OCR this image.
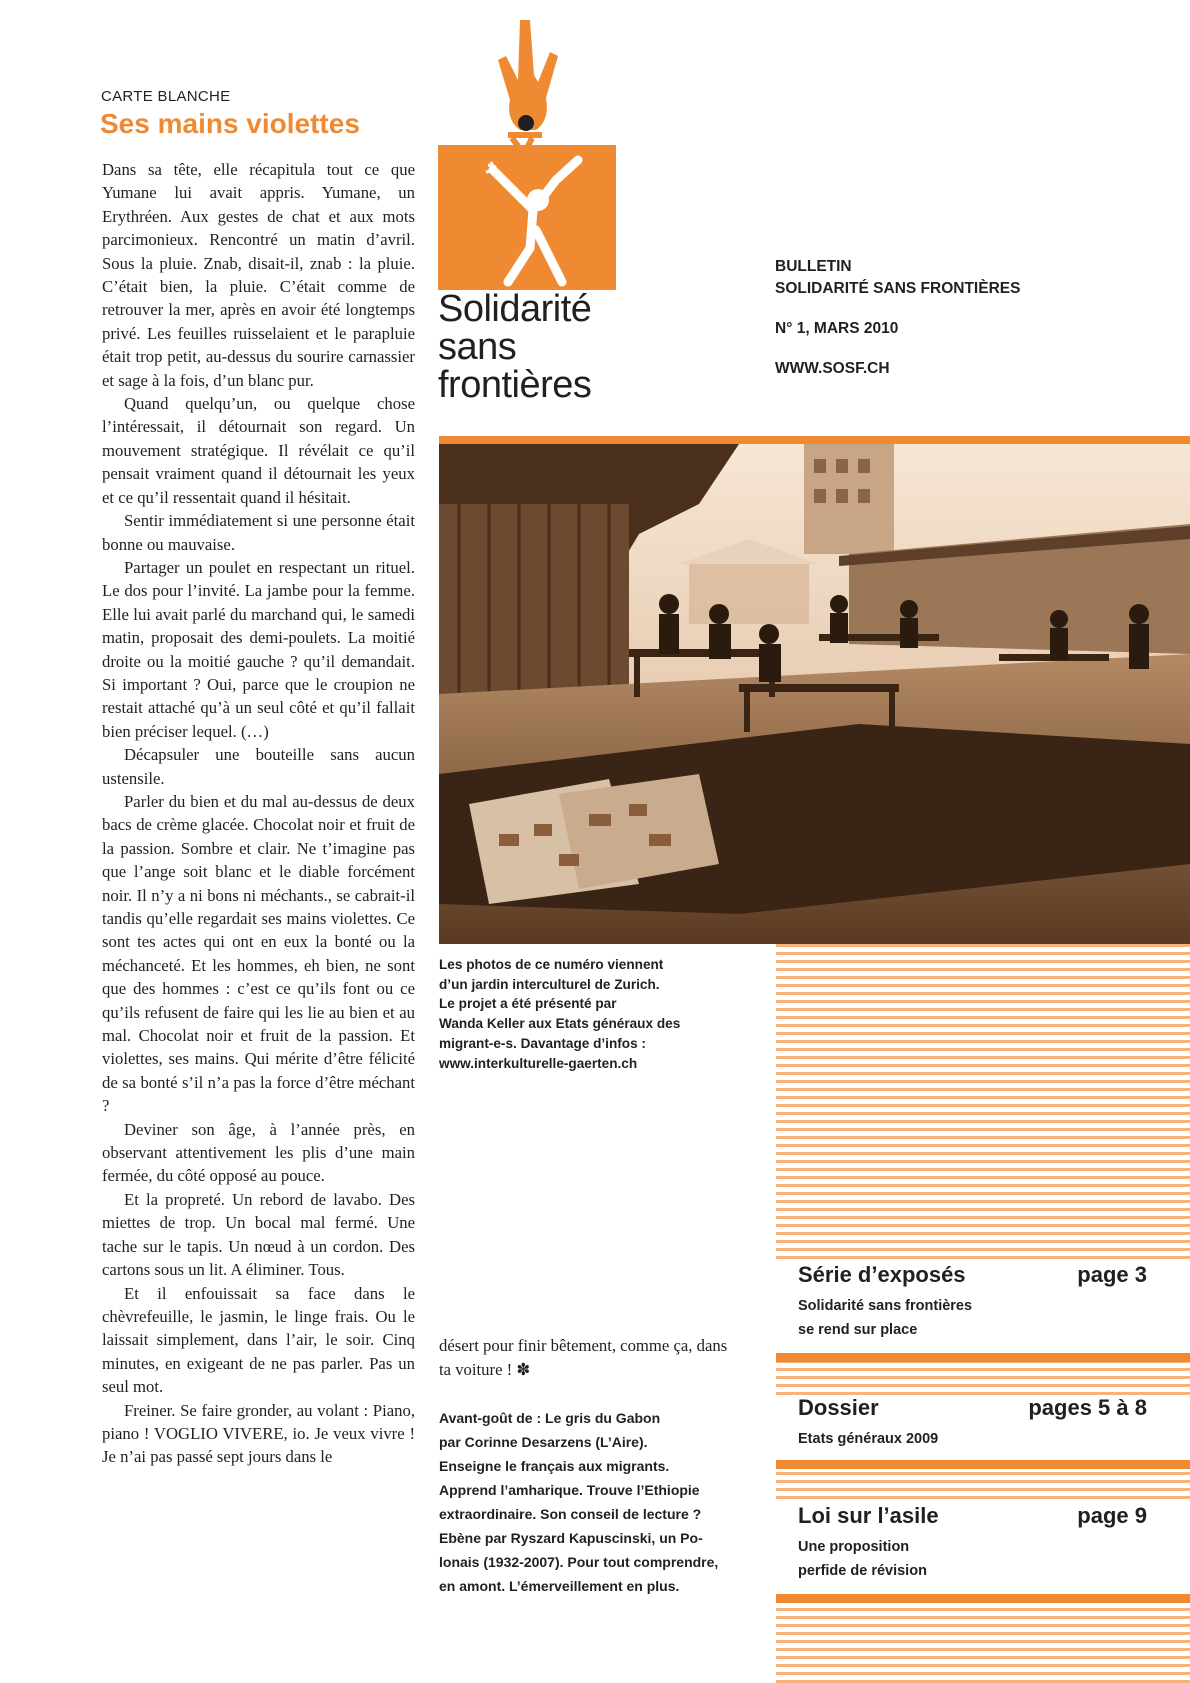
CARTE BLANCHE
Ses mains violettes

Dans sa tête, elle récapitula tout ce que Yumane lui avait appris. Yumane, un Erythréen. Aux gestes de chat et aux mots parcimonieux. Rencontré un matin d’avril. Sous la pluie. Znab, disait-il, znab : la pluie. C’était bien, la pluie. C’était comme de retrouver la mer, après en avoir été longtemps privé. Les feuilles ruisselaient et le parapluie était trop petit, au-dessus du sourire carnassier et sage à la fois, d’un blanc pur.

Quand quelqu’un, ou quelque chose l’intéressait, il détournait son regard. Un mouvement stratégique. Il révélait ce qu’il pensait vraiment quand il détournait les yeux et ce qu’il ressentait quand il hésitait.

Sentir immédiatement si une personne était bonne ou mauvaise.

Partager un poulet en respectant un rituel. Le dos pour l’invité. La jambe pour la femme. Elle lui avait parlé du marchand qui, le samedi matin, proposait des demi-poulets. La moitié droite ou la moitié gauche ? qu’il demandait. Si important ? Oui, parce que le croupion ne restait attaché qu’à un seul côté et qu’il fallait bien préciser lequel. (…)

Décapsuler une bouteille sans aucun ustensile.

Parler du bien et du mal au-dessus de deux bacs de crème glacée. Chocolat noir et fruit de la passion. Sombre et clair. Ne t’imagine pas que l’ange soit blanc et le diable forcément noir. Il n’y a ni bons ni méchants., se cabrait-il tandis qu’elle regardait ses mains violettes. Ce sont tes actes qui ont en eux la bonté ou la méchanceté. Et les hommes, eh bien, ne sont que des hommes : c’est ce qu’ils font ou ce qu’ils refusent de faire qui les lie au bien et au mal. Chocolat noir et fruit de la passion. Et violettes, ses mains. Qui mérite d’être félicité de sa bonté s’il n’a pas la force d’être méchant ?

Deviner son âge, à l’année près, en observant attentivement les plis d’une main fermée, du côté opposé au pouce.

Et la propreté. Un rebord de lavabo. Des miettes de trop. Un bocal mal fermé. Une tache sur le tapis. Un nœud à un cordon. Des cartons sous un lit. A éliminer. Tous.

Et il enfouissait sa face dans le chèvrefeuille, le jasmin, le linge frais. Ou le laissait simplement, dans l’air, le soir. Cinq minutes, en exigeant de ne pas parler. Pas un seul mot.

Freiner. Se faire gronder, au volant : Piano, piano ! VOGLIO VIVERE, io. Je veux vivre ! Je n’ai pas passé sept jours dans le

Solidarité
sans
frontières
BULLETIN
SOLIDARITÉ SANS FRONTIÈRES
N° 1, MARS 2010
WWW.SOSF.CH
Les photos de ce numéro viennent
d’un jardin interculturel de Zurich.
Le projet a été présenté par
Wanda Keller aux Etats généraux des
migrant-e-s. Davantage d’infos :
www.interkulturelle-gaerten.ch
désert pour finir bêtement, comme ça, dans
ta voiture ! ✽
Avant-goût de : Le gris du Gabon
par Corinne Desarzens (L’Aire).
Enseigne le français aux migrants.
Apprend l’amharique. Trouve l’Ethiopie
extraordinaire. Son conseil de lecture ?
Ebène par Ryszard Kapuscinski, un Po-
lonais (1932-2007). Pour tout comprendre,
en amont. L’émerveillement en plus.
Série d’exposés	page 3
Solidarité sans frontières
se rend sur place
Dossier	pages 5 à 8
Etats généraux 2009
Loi sur l’asile	page 9
Une proposition
perfide de révision
